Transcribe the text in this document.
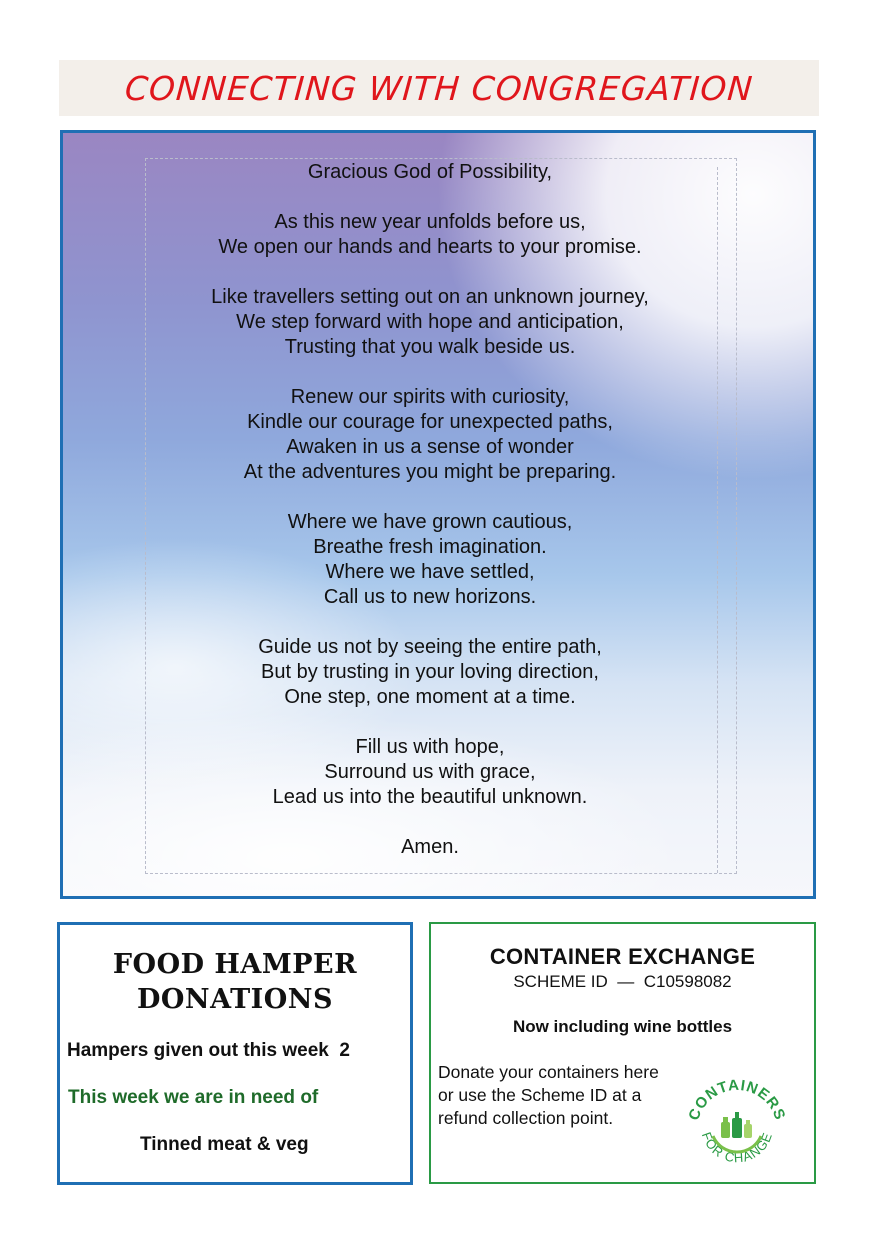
CONNECTING WITH CONGREGATION
Gracious God of Possibility,
As this new year unfolds before us,
We open our hands and hearts to your promise.
Like travellers setting out on an unknown journey,
We step forward with hope and anticipation,
Trusting that you walk beside us.
Renew our spirits with curiosity,
Kindle our courage for unexpected paths,
Awaken in us a sense of wonder
At the adventures you might be preparing.
Where we have grown cautious,
Breathe fresh imagination.
Where we have settled,
Call us to new horizons.
Guide us not by seeing the entire path,
But by trusting in your loving direction,
One step, one moment at a time.
Fill us with hope,
Surround us with grace,
Lead us into the beautiful unknown.
Amen.
FOOD HAMPER
DONATIONS
Hampers given out this week 2
This week we are in need of
Tinned meat & veg
CONTAINER EXCHANGE
SCHEME ID — C10598082
Now including wine bottles
Donate your containers here or use the Scheme ID at a refund collection point.	CONTAINERS
FOR CHANGE
